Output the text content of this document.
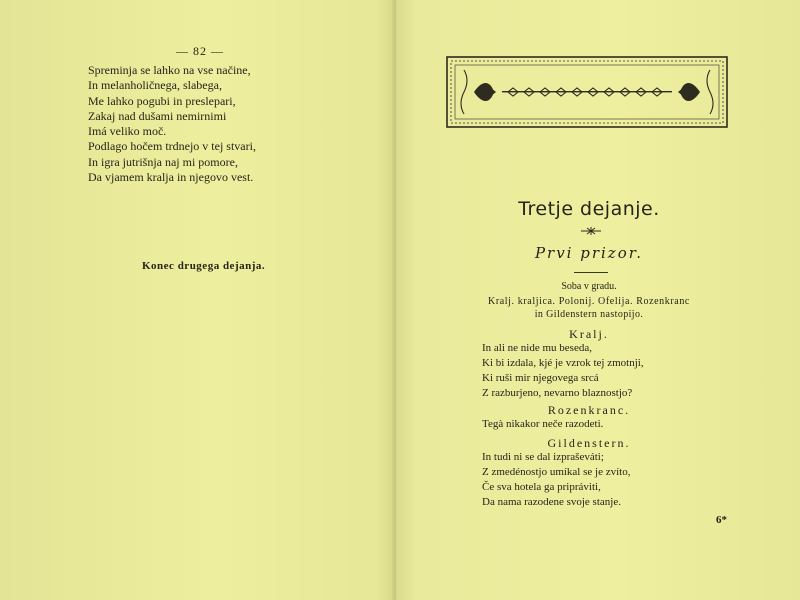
— 82 —
Spreminja se lahko na vse načine,
In melanholičnega, slabega,
Me lahko pogubi in preslepari,
Zakaj nad dušami nemirnimi
Imá veliko moč.
Podlago hočem trdnejo v tej stvari,
In igra jutrišnja naj mi pomore,
Da vjamem kralja in njegovo vest.
Konec drugega dejanja.
Tretje dejanje.
Prvi prizor.
Soba v gradu.
Kralj. kraljica. Polonij. Ofelija. Rozenkranc
in Gildenstern nastopijo.
Kralj.
In ali ne nide mu beseda,
Ki bi izdala, kjé je vzrok tej zmotnji,
Ki ruši mir njegovega srcá
Z razburjeno, nevarno blaznostjo?
Rozenkranc.
Tegà nikakor neče razodeti.
Gildenstern.
In tudi ni se dal izpraševáti;
Z zmedénostjo umíkal se je zvíto,
Če sva hotela ga pripráviti,
Da nama razodene svoje stanje.
6*
